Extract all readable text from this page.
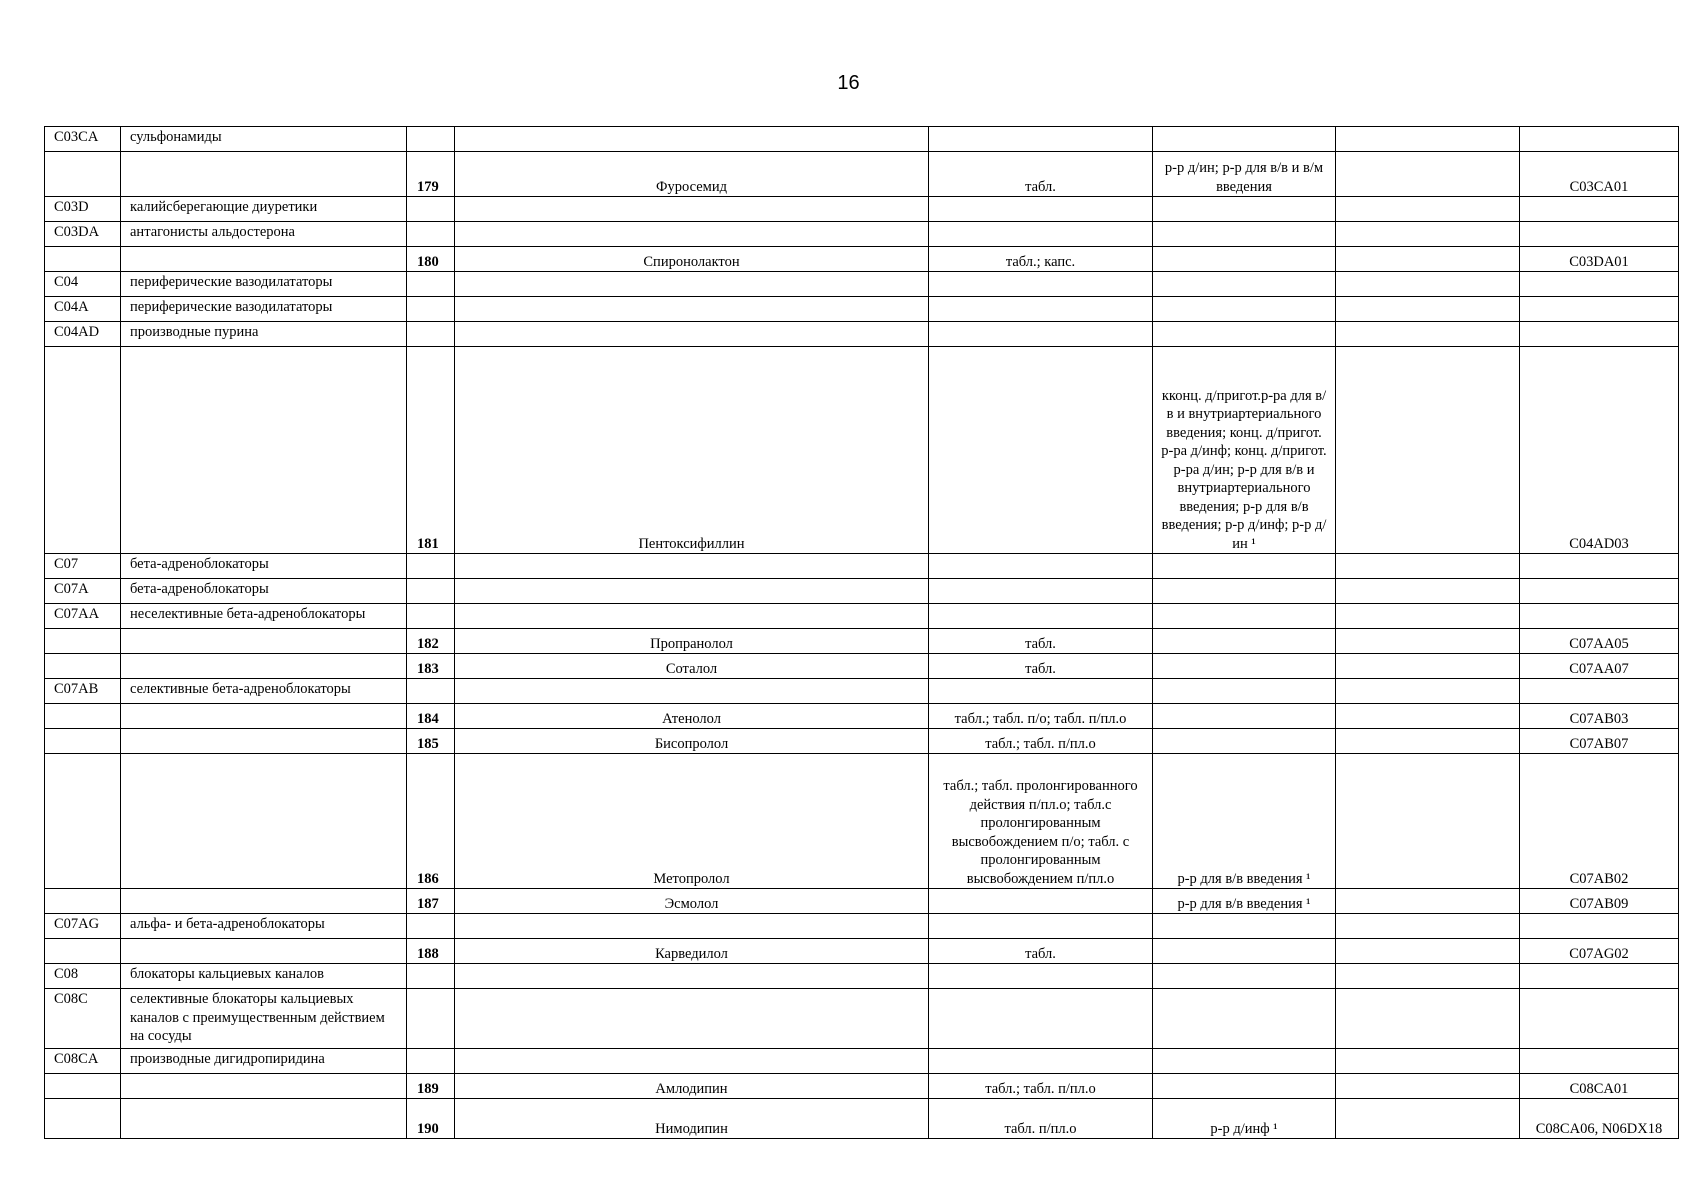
16
C03CA	сульфонамиды						
		179	Фуросемид	табл.	р-р д/ин; р-р для в/в и в/м введения		C03CA01
C03D	калийсберегающие диуретики						
C03DA	антагонисты альдостерона						
		180	Спиронолактон	табл.; капс.			C03DA01
C04	периферические вазодилататоры						
C04A	периферические вазодилататоры						
C04AD	производные пурина						
		181	Пентоксифиллин		кконц. д/пригот.р-ра для в/в и внутриартериального введения; конц. д/пригот. р-ра д/инф; конц. д/пригот. р-ра д/ин; р-р для в/в и внутриартериального введения; р-р для в/в введения; р-р д/инф; р-р д/ин ¹		C04AD03
C07	бета-адреноблокаторы						
C07A	бета-адреноблокаторы						
C07AA	неселективные бета-адреноблокаторы						
		182	Пропранолол	табл.			C07AA05
		183	Соталол	табл.			C07AA07
C07AB	селективные бета-адреноблокаторы						
		184	Атенолол	табл.; табл. п/о; табл. п/пл.о			C07AB03
		185	Бисопролол	табл.; табл. п/пл.о			C07AB07
		186	Метопролол	табл.; табл. пролонгированного действия п/пл.о; табл.с пролонгированным высвобождением п/о; табл. с пролонгированным высвобождением п/пл.о	р-р для в/в введения ¹		C07AB02
		187	Эсмолол		р-р для в/в введения ¹		C07AB09
C07AG	альфа- и бета-адреноблокаторы						
		188	Карведилол	табл.			C07AG02
C08	блокаторы кальциевых каналов						
C08C	селективные блокаторы кальциевых каналов с преимущественным действием на сосуды						
C08CA	производные дигидропиридина						
		189	Амлодипин	табл.; табл. п/пл.о			C08CA01
		190	Нимодипин	табл. п/пл.о	р-р д/инф ¹		C08CA06, N06DX18
